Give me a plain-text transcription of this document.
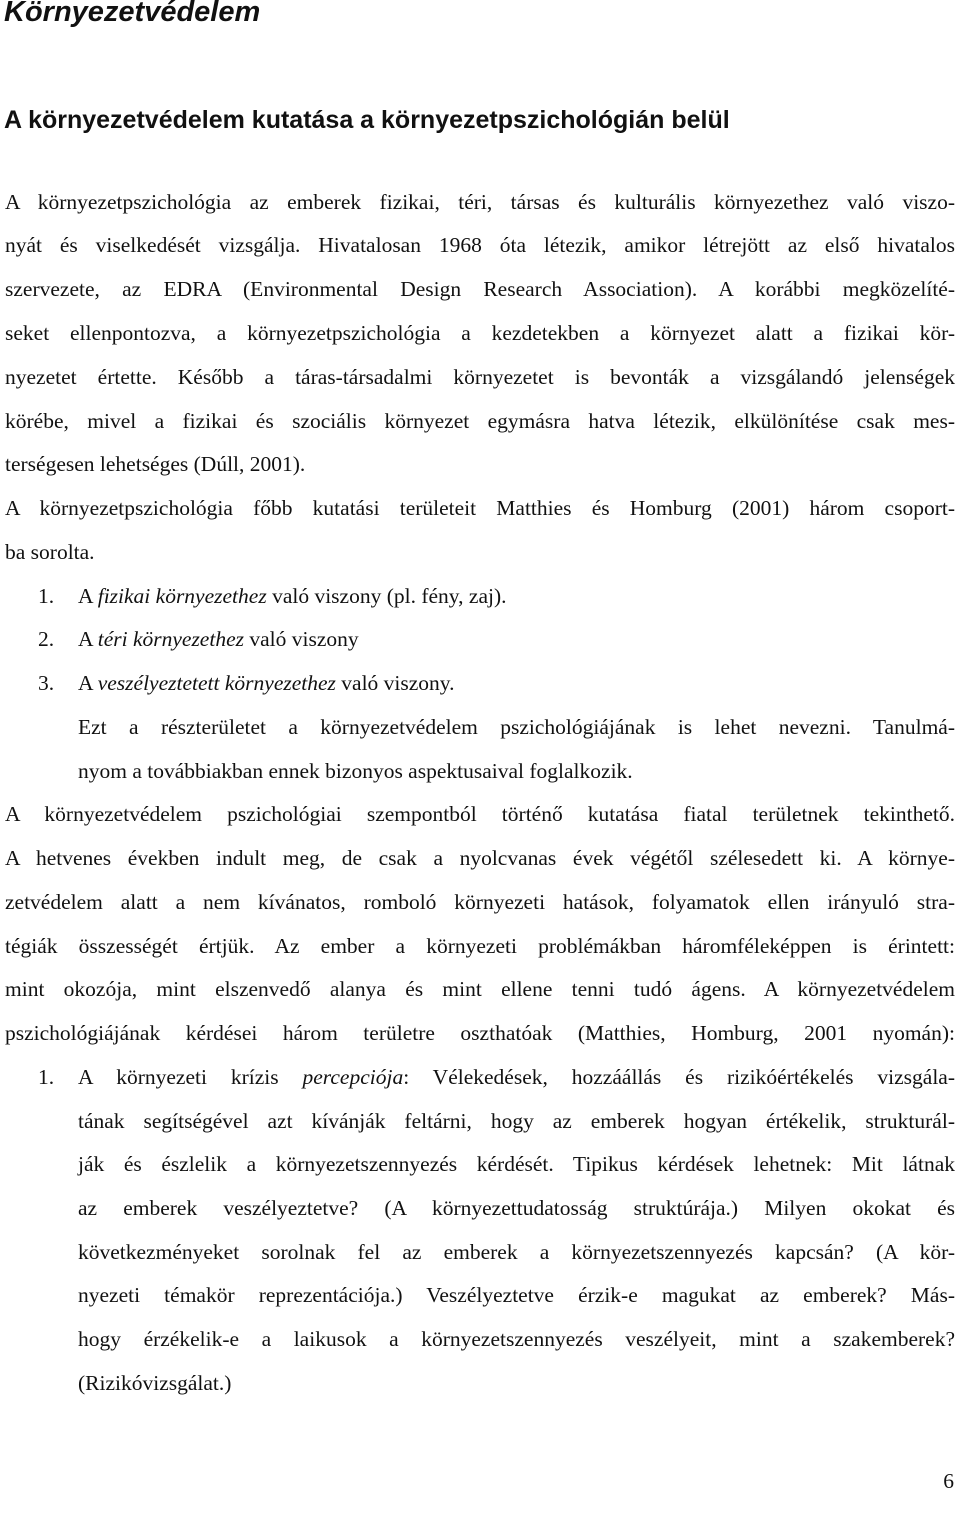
Környezetvédelem
A környezetvédelem kutatása a környezetpszichológián belül
A környezetpszichológia az emberek fizikai, téri, társas és kulturális környezethez való viszo-
nyát és viselkedését vizsgálja. Hivatalosan 1968 óta létezik, amikor létrejött az első hivatalos
szervezete, az EDRA (Environmental Design Research Association). A korábbi megközelíté-
seket ellenpontozva, a környezetpszichológia a kezdetekben a környezet alatt a fizikai kör-
nyezetet értette. Később a táras-társadalmi környezetet is bevonták a vizsgálandó jelenségek
körébe, mivel a fizikai és szociális környezet egymásra hatva létezik, elkülönítése csak mes-
terségesen lehetséges (Dúll, 2001).
A környezetpszichológia főbb kutatási területeit Matthies és Homburg (2001) három csoport-
ba sorolta.
1. A fizikai környezethez való viszony (pl. fény, zaj).
2. A téri környezethez való viszony
3. A veszélyeztetett környezethez való viszony.
Ezt a részterületet a környezetvédelem pszichológiájának is lehet nevezni. Tanulmá-
nyom a továbbiakban ennek bizonyos aspektusaival foglalkozik.
A környezetvédelem pszichológiai szempontból történő kutatása fiatal területnek tekinthető.
A hetvenes években indult meg, de csak a nyolcvanas évek végétől szélesedett ki. A környe-
zetvédelem alatt a nem kívánatos, romboló környezeti hatások, folyamatok ellen irányuló stra-
tégiák összességét értjük. Az ember a környezeti problémákban háromféleképpen is érintett:
mint okozója, mint elszenvedő alanya és mint ellene tenni tudó ágens. A környezetvédelem
pszichológiájának kérdései három területre oszthatóak (Matthies, Homburg, 2001 nyomán):
1. A környezeti krízis percepciója: Vélekedések, hozzáállás és rizikóértékelés vizsgála-
tának segítségével azt kívánják feltárni, hogy az emberek hogyan értékelik, strukturál-
ják és észlelik a környezetszennyezés kérdését. Tipikus kérdések lehetnek: Mit látnak
az emberek veszélyeztetve? (A környezettudatosság struktúrája.) Milyen okokat és
következményeket sorolnak fel az emberek a környezetszennyezés kapcsán? (A kör-
nyezeti témakör reprezentációja.) Veszélyeztetve érzik-e magukat az emberek? Más-
hogy érzékelik-e a laikusok a környezetszennyezés veszélyeit, mint a szakemberek?
(Rizikóvizsgálat.)
6
